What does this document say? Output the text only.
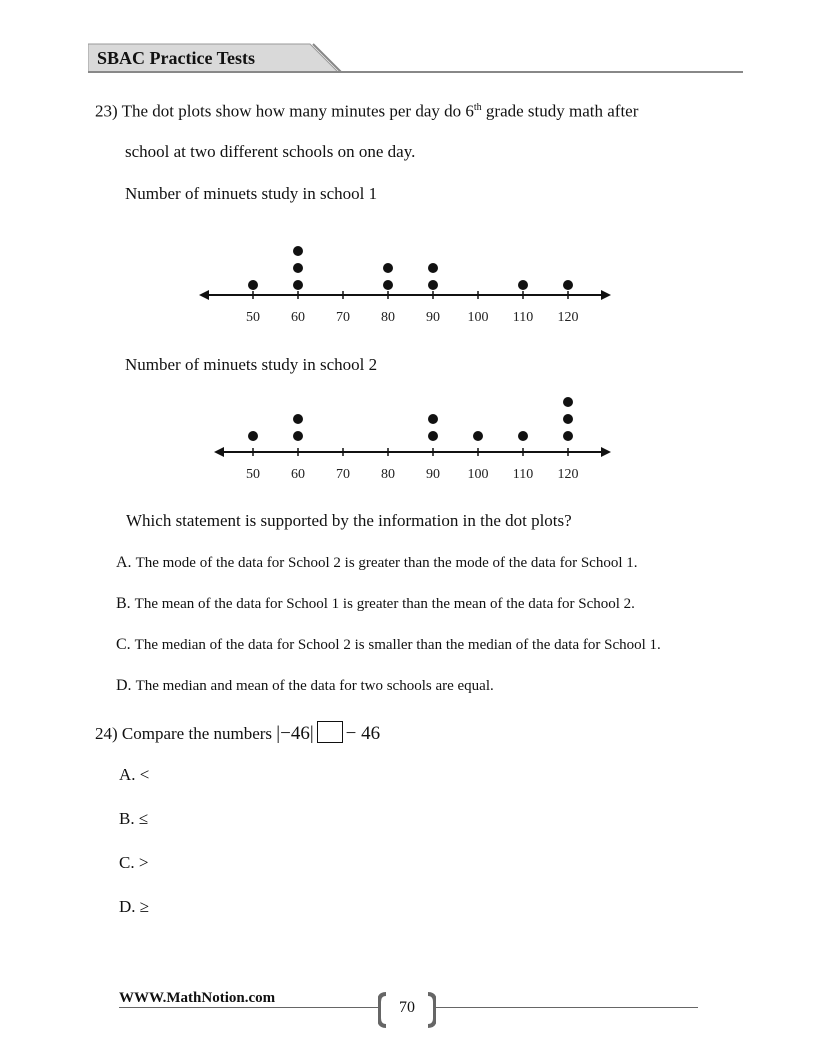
SBAC Practice Tests
23) The dot plots show how many minutes per day do 6th grade study math after
school at two different schools on one day.
Number of minuets study in school 1
50 60 70 80 90 100 110 120
Number of minuets study in school 2
50 60 70 80 90 100 110 120
Which statement is supported by the information in the dot plots?
A. The mode of the data for School 2 is greater than the mode of the data for School 1.
B. The mean of the data for School 1 is greater than the mean of the data for School 2.
C. The median of the data for School 2 is smaller than the median of the data for School 1.
D. The median and mean of the data for two schools are equal.
24) Compare the numbers |−46| − 46
A. <
B. ≤
C. >
D. ≥
WWW.MathNotion.com
70
